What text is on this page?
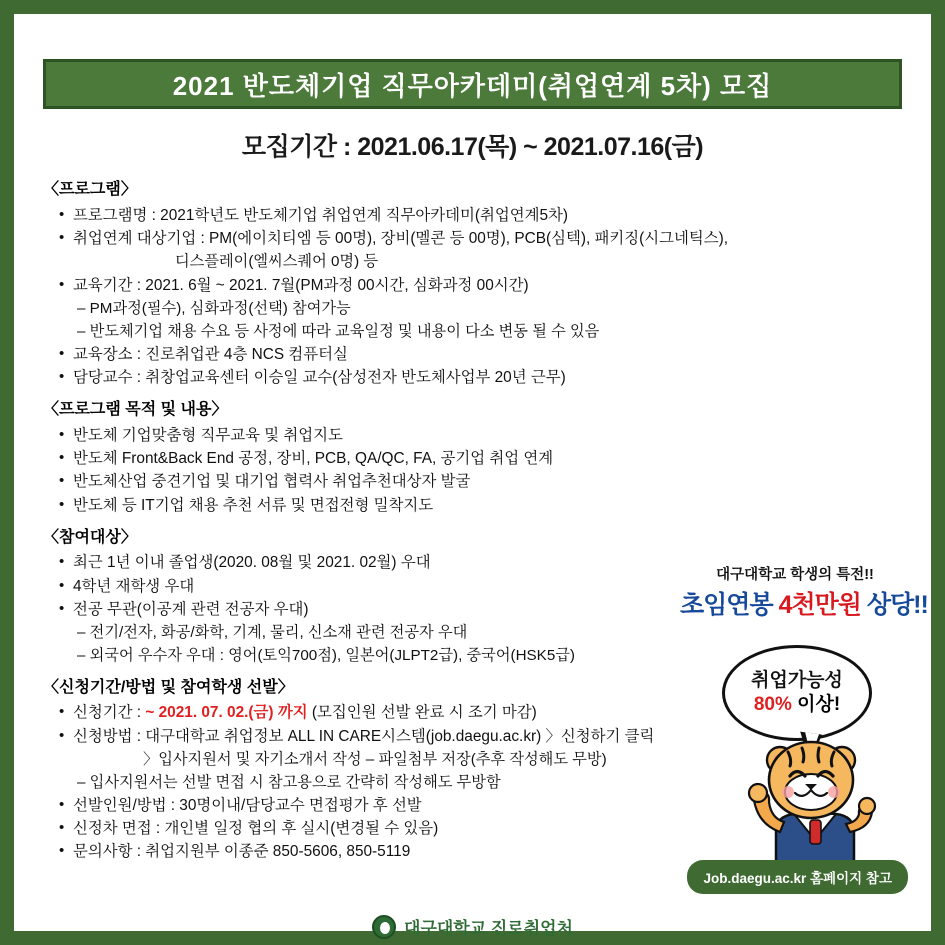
2021 반도체기업 직무아카데미(취업연계 5차) 모집
모집기간 : 2021.06.17(목) ~ 2021.07.16(금)
〈프로그램〉
• 프로그램명 : 2021학년도 반도체기업 취업연계 직무아카데미(취업연계5차)
• 취업연계 대상기업 : PM(에이치티엠 등 00명), 장비(멜콘 등 00명), PCB(심텍), 패키징(시그네틱스),
디스플레이(엘씨스퀘어 0명) 등
• 교육기간 : 2021. 6월 ~ 2021. 7월(PM과정 00시간, 심화과정 00시간)
– PM과정(필수), 심화과정(선택) 참여가능
– 반도체기업 채용 수요 등 사정에 따라 교육일정 및 내용이 다소 변동 될 수 있음
• 교육장소 : 진로취업관 4층 NCS 컴퓨터실
• 담당교수 : 취창업교육센터 이승일 교수(삼성전자 반도체사업부 20년 근무)
〈프로그램 목적 및 내용〉
• 반도체 기업맞춤형 직무교육 및 취업지도
• 반도체 Front&Back End 공정, 장비, PCB, QA/QC, FA, 공기업 취업 연계
• 반도체산업 중견기업 및 대기업 협력사 취업추천대상자 발굴
• 반도체 등 IT기업 채용 추천 서류 및 면접전형 밀착지도
〈참여대상〉
• 최근 1년 이내 졸업생(2020. 08월 및 2021. 02월) 우대
• 4학년 재학생 우대
• 전공 무관(이공계 관련 전공자 우대)
– 전기/전자, 화공/화학, 기계, 물리, 신소재 관련 전공자 우대
– 외국어 우수자 우대 : 영어(토익700점), 일본어(JLPT2급), 중국어(HSK5급)
〈신청기간/방법 및 참여학생 선발〉
• 신청기간 : ~ 2021. 07. 02.(금) 까지 (모집인원 선발 완료 시 조기 마감)
• 신청방법 : 대구대학교 취업정보 ALL IN CARE시스템(job.daegu.ac.kr) 〉신청하기 클릭
〉입사지원서 및 자기소개서 작성 – 파일첨부 저장(추후 작성해도 무방)
– 입사지원서는 선발 면접 시 참고용으로 간략히 작성해도 무방함
• 선발인원/방법 : 30명이내/담당교수 면접평가 후 선발
• 신정차 면접 : 개인별 일정 협의 후 실시(변경될 수 있음)
• 문의사항 : 취업지원부 이종준 850-5606, 850-5119
대구대학교 학생의 특전!!
초임연봉 4천만원 상당!!
취업가능성
80% 이상!
Job.daegu.ac.kr 홈페이지 참고
대구대학교 진로취업처
